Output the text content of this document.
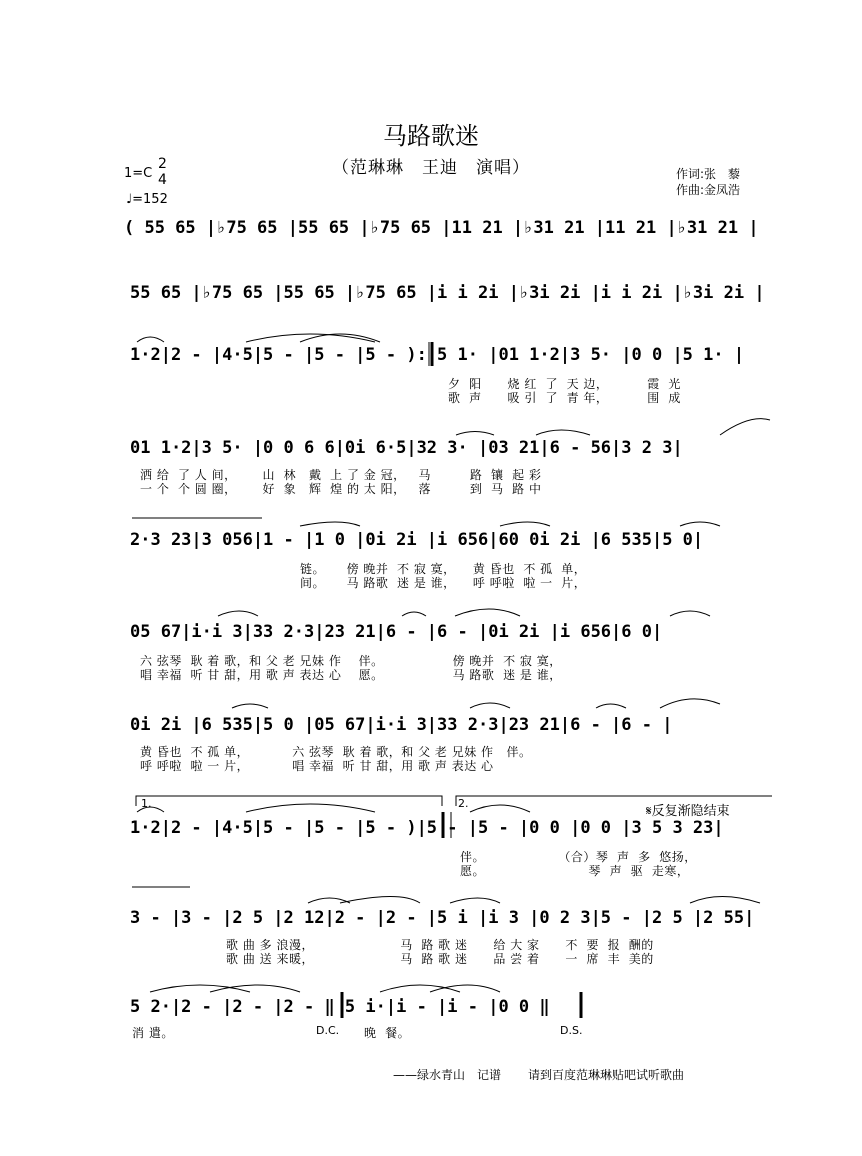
马路歌迷
（范琳琳　王迪　演唱）	作词:张　藜
作曲:金凤浩
1=C
2
4
♩=152
( 55 65 |♭75 65 |55 65 |♭75 65 |11 21 |♭31 21 |11 21 |♭31 21 |
55 65 |♭75 65 |55 65 |♭75 65 |i i 2i |♭3i 2i |i i 2i |♭3i 2i |
1·2|2 - |4·5|5 - |5 - |5 - ):|5 1· |01 1·2|3 5· |0 0 |5 1· |
夕  阳      烧 红  了  天 边，         霞  光
歌  声      吸 引  了  青 年，         围  成
01 1·2|3 5· |0 0 6 6|0i 6·5|32 3· |03 21|6 - 56|3 2 3|
洒 给  了 人 间，      山  林   戴  上 了 金 冠，   马         路  镶  起 彩
一 个  个 圆 圈，      好  象   辉  煌 的 太 阳，   落         到  马  路 中
2·3 23|3 056|1 - |1 0 |0i 2i |i 656|60 0i 2i |6 535|5 0|
链。     傍 晚并  不 寂 寞，    黄 昏也  不 孤  单，
间。     马 路歌  迷 是 谁，    呼 呼啦  啦 一  片，
05 67|i·i 3|33 2·3|23 21|6 - |6 - |0i 2i |i 656|6 0|
六 弦琴  耿 着 歌，和 父 老 兄妹 作    伴。                傍 晚并  不 寂 寞，
唱 幸福  听 甘 甜，用 歌 声 表达 心    愿。                马 路歌  迷 是 谁，
0i 2i |6 535|5 0 |05 67|i·i 3|33 2·3|23 21|6 - |6 - |
黄 昏也  不 孤 单，          六 弦琴  耿 着 歌，和 父 老 兄妹 作   伴。
呼 呼啦  啦 一 片，          唱 幸福  听 甘 甜，用 歌 声 表达 心
1.	2.
𝄋反复渐隐结束
1·2|2 - |4·5|5 - |5 - |5 - )|5 - |5 - |0 0 |0 0 |3 5 3 23|
伴。                 （合）琴  声  多  悠扬，
愿。                        琴  声  驱  走寒，
3 - |3 - |2 5 |2 12|2 - |2 - |5 i |i 3 |0 2 3|5 - |2 5 |2 55|
歌 曲 多 浪漫，                    马  路 歌 迷      给 大 家      不  要  报  酬的
歌 曲 送 来暖，                    马  路 歌 迷      品 尝 着      一  席  丰  美的
5 2·|2 - |2 - |2 - ‖ 5 i·|i - |i - |0 0 ‖
消 遣。	晚  餐。
D.C.	D.S.
——绿水青山　记谱 请到百度范琳琳贴吧试听歌曲
